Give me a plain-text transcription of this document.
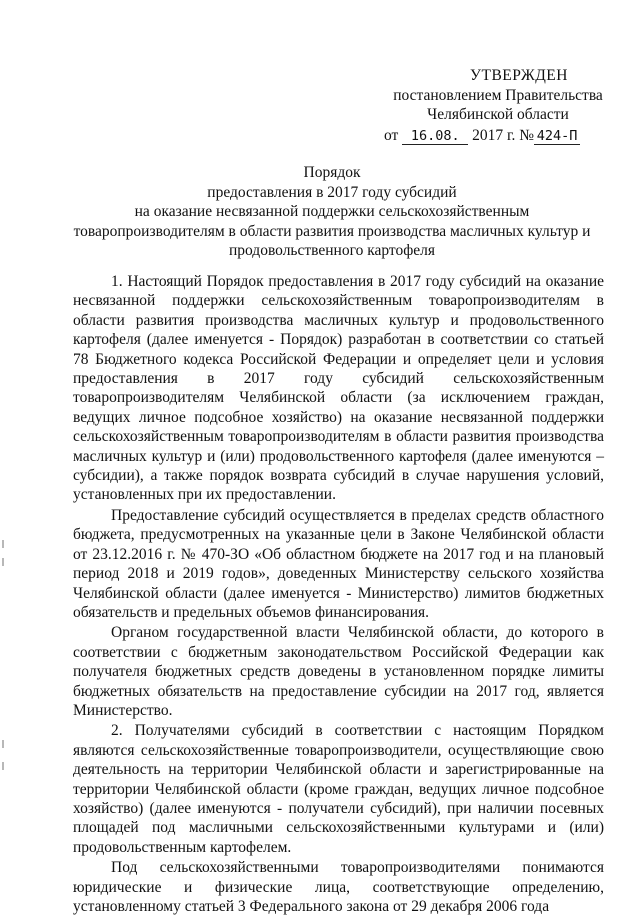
УТВЕРЖДЕН
постановлением Правительства
Челябинской области
от 16.08. 2017 г. № 424-П
Порядок
предоставления в 2017 году субсидий
на оказание несвязанной поддержки сельскохозяйственным
товаропроизводителям в области развития производства масличных культур и
продовольственного картофеля

1. Настоящий Порядок предоставления в 2017 году субсидий на оказание несвязанной поддержки сельскохозяйственным товаропроизводителям в области развития производства масличных культур и продовольственного картофеля (далее именуется - Порядок) разработан в соответствии со статьей 78 Бюджетного кодекса Российской Федерации и определяет цели и условия предоставления в 2017 году субсидий сельскохозяйственным товаропроизводителям Челябинской области (за исключением граждан, ведущих личное подсобное хозяйство) на оказание несвязанной поддержки сельскохозяйственным товаропроизводителям в области развития производства масличных культур и (или) продовольственного картофеля (далее именуются – субсидии), а также порядок возврата субсидий в случае нарушения условий, установленных при их предоставлении.

Предоставление субсидий осуществляется в пределах средств областного бюджета, предусмотренных на указанные цели в Законе Челябинской области от 23.12.2016 г. № 470-ЗО «Об областном бюджете на 2017 год и на плановый период 2018 и 2019 годов», доведенных Министерству сельского хозяйства Челябинской области (далее именуется - Министерство) лимитов бюджетных обязательств и предельных объемов финансирования.

Органом государственной власти Челябинской области, до которого в соответствии с бюджетным законодательством Российской Федерации как получателя бюджетных средств доведены в установленном порядке лимиты бюджетных обязательств на предоставление субсидии на 2017 год, является Министерство.

2. Получателями субсидий в соответствии с настоящим Порядком являются сельскохозяйственные товаропроизводители, осуществляющие свою деятельность на территории Челябинской области и зарегистрированные на территории Челябинской области (кроме граждан, ведущих личное подсобное хозяйство) (далее именуются - получатели субсидий), при наличии посевных площадей под масличными сельскохозяйственными культурами и (или) продовольственным картофелем.

Под сельскохозяйственными товаропроизводителями понимаются юридические и физические лица, соответствующие определению, установленному статьей 3 Федерального закона от 29 декабря 2006 года
